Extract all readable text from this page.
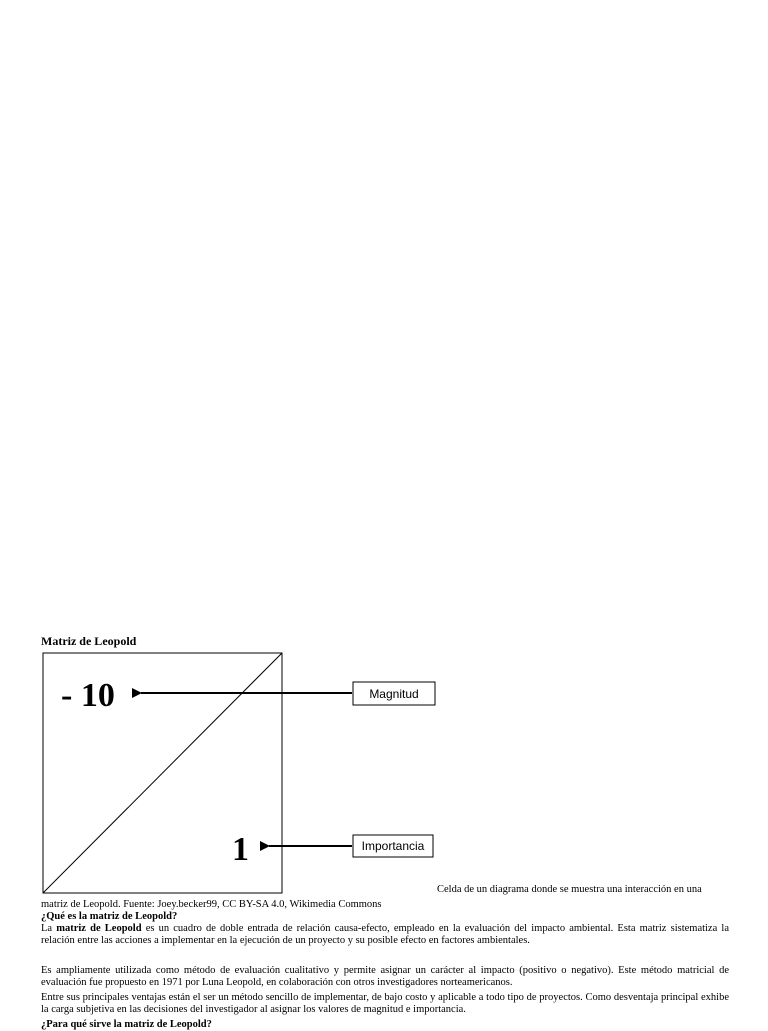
Matriz de Leopold
- 10
1
Magnitud
Importancia
Celda de un diagrama donde se muestra una interacción en una
matriz de Leopold. Fuente: Joey.becker99, CC BY-SA 4.0, Wikimedia Commons
¿Qué es la matriz de Leopold?
La matriz de Leopold es un cuadro de doble entrada de relación causa-efecto, empleado en la evaluación del impacto ambiental. Esta matriz sistematiza la relación entre las acciones a implementar en la ejecución de un proyecto y su posible efecto en factores ambientales.
Es ampliamente utilizada como método de evaluación cualitativo y permite asignar un carácter al impacto (positivo o negativo). Este método matricial de evaluación fue propuesto en 1971 por Luna Leopold, en colaboración con otros investigadores norteamericanos.
Entre sus principales ventajas están el ser un método sencillo de implementar, de bajo costo y aplicable a todo tipo de proyectos. Como desventaja principal exhibe la carga subjetiva en las decisiones del investigador al asignar los valores de magnitud e importancia.
¿Para qué sirve la matriz de Leopold?
